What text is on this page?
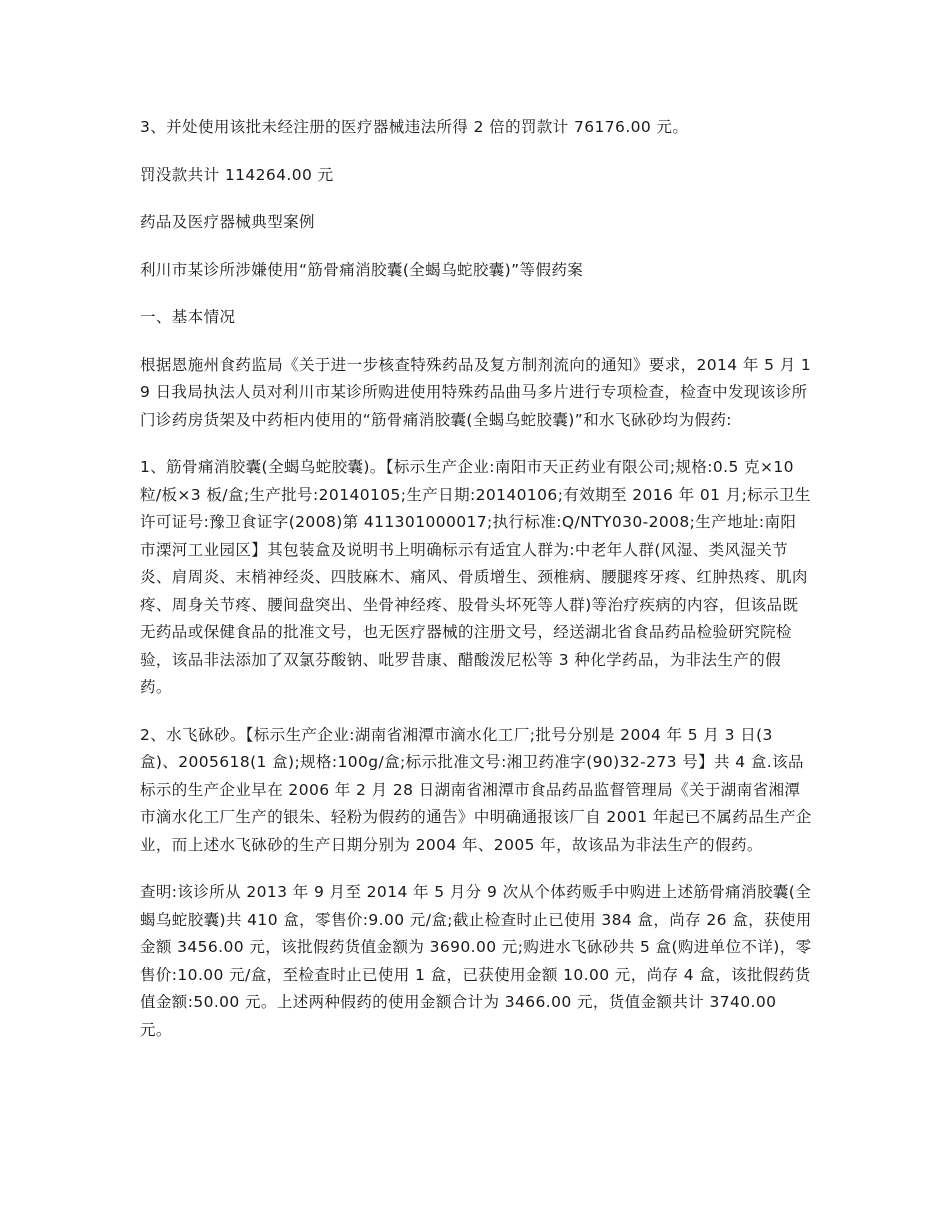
3、并处使用该批未经注册的医疗器械违法所得 2 倍的罚款计 76176.00 元。

罚没款共计 114264.00 元

药品及医疗器械典型案例

利川市某诊所涉嫌使用“筋骨痛消胶囊(全蝎乌蛇胶囊)”等假药案

一、基本情况

根据恩施州食药监局《关于进一步核查特殊药品及复方制剂流向的通知》要求，2014 年 5 月 19 日我局执法人员对利川市某诊所购进使用特殊药品曲马多片进行专项检查，检查中发现该诊所门诊药房货架及中药柜内使用的“筋骨痛消胶囊(全蝎乌蛇胶囊)”和水飞砅砂均为假药:

1、筋骨痛消胶囊(全蝎乌蛇胶囊)。【标示生产企业:南阳市天正药业有限公司;规格:0.5 克×10 粒/板×3 板/盒;生产批号:20140105;生产日期:20140106;有效期至 2016 年 01 月;标示卫生许可证号:豫卫食证字(2008)第 411301000017;执行标准:Q/NTY030-2008;生产地址:南阳市溧河工业园区】其包装盒及说明书上明确标示有适宜人群为:中老年人群(风湿、类风湿关节炎、肩周炎、末梢神经炎、四肢麻木、痛风、骨质增生、颈椎病、腰腿疼牙疼、红肿热疼、肌肉疼、周身关节疼、腰间盘突出、坐骨神经疼、股骨头坏死等人群)等治疗疾病的内容，但该品既无药品或保健食品的批准文号，也无医疗器械的注册文号，经送湖北省食品药品检验研究院检验，该品非法添加了双氯芬酸钠、吡罗昔康、醋酸泼尼松等 3 种化学药品，为非法生产的假药。

2、水飞砅砂。【标示生产企业:湖南省湘潭市滴水化工厂;批号分别是 2004 年 5 月 3 日(3 盒)、2005618(1 盒);规格:100g/盒;标示批准文号:湘卫药准字(90)32-273 号】共 4 盒.该品标示的生产企业早在 2006 年 2 月 28 日湖南省湘潭市食品药品监督管理局《关于湖南省湘潭市滴水化工厂生产的银朱、轻粉为假药的通告》中明确通报该厂自 2001 年起已不属药品生产企业，而上述水飞砅砂的生产日期分别为 2004 年、2005 年，故该品为非法生产的假药。

查明:该诊所从 2013 年 9 月至 2014 年 5 月分 9 次从个体药贩手中购进上述筋骨痛消胶囊(全蝎乌蛇胶囊)共 410 盒，零售价:9.00 元/盒;截止检查时止已使用 384 盒，尚存 26 盒，获使用金额 3456.00 元，该批假药货值金额为 3690.00 元;购进水飞砅砂共 5 盒(购进单位不详)，零售价:10.00 元/盒，至检查时止已使用 1 盒，已获使用金额 10.00 元，尚存 4 盒，该批假药货值金额:50.00 元。上述两种假药的使用金额合计为 3466.00 元，货值金额共计 3740.00 元。
